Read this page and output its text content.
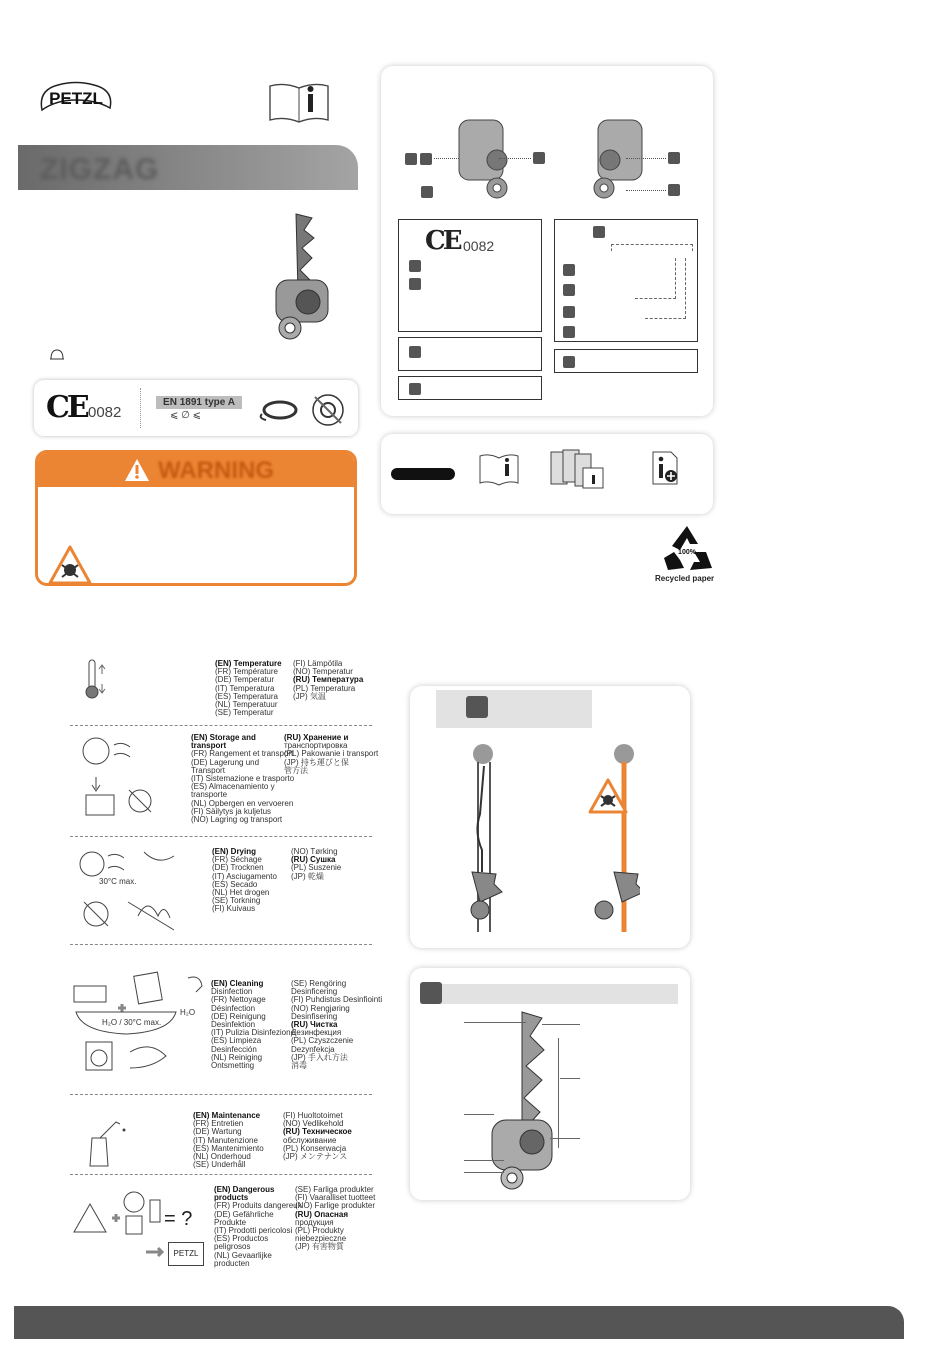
PETZL
ZIGZAG
CE 0082	⩽ ∅ ⩽
EN 1891 type A
WARNING
CE 0082
100%
Recycled paper
(EN) Temperature
(FR) Température
(DE) Temperatur
(IT) Temperatura
(ES) Temperatura
(NL) Temperatuur
(SE) Temperatur

(FI) Lämpötila
(NO) Temperatur
(RU) Температура
(PL) Temperatura
(JP) 気温

(EN) Storage and
transport
(FR) Rangement et transport
(DE) Lagerung und
Transport
(IT) Sistemazione e trasporto
(ES) Almacenamiento y
transporte
(NL) Opbergen en vervoeren
(FI) Säilytys ja kuljetus
(NO) Lagring og transport

(RU) Хранение и
транспортировка
(PL) Pakowanie i transport
(JP) 持ち運びと保
管方法

30°C max.
(EN) Drying
(FR) Séchage
(DE) Trocknen
(IT) Asciugamento
(ES) Secado
(NL) Het drogen
(SE) Torkning
(FI) Kuivaus

(NO) Tørking
(RU) Сушка
(PL) Suszenie
(JP) 乾燥

H₂O / 30°C max.
H₂O
(EN) Cleaning
Disinfection
(FR) Nettoyage
Désinfection
(DE) Reinigung
Desinfektion
(IT) Pulizia Disinfezione
(ES) Limpieza
Desinfección
(NL) Reiniging
Ontsmetting

(SE) Rengöring
Desinficering
(FI) Puhdistus Desinfiointi
(NO) Rengjøring
Desinfisering
(RU) Чистка
Дезинфекция
(PL) Czyszczenie
Dezynfekcja
(JP) 手入れ方法
消毒

(EN) Maintenance
(FR) Entretien
(DE) Wartung
(IT) Manutenzione
(ES) Mantenimiento
(NL) Onderhoud
(SE) Underhåll

(FI) Huoltotoimet
(NO) Vedlikehold
(RU) Техническое
обслуживание
(PL) Konserwacja
(JP) メンテナンス

= ?
PETZL
(EN) Dangerous
products
(FR) Produits dangereux
(DE) Gefährliche
Produkte
(IT) Prodotti pericolosi
(ES) Productos
peligrosos
(NL) Gevaarlijke
producten

(SE) Farliga produkter
(FI) Vaaralliset tuotteet
(NO) Farlige produkter
(RU) Опасная
продукция
(PL) Produkty
niebezpieczne
(JP) 有害物質
